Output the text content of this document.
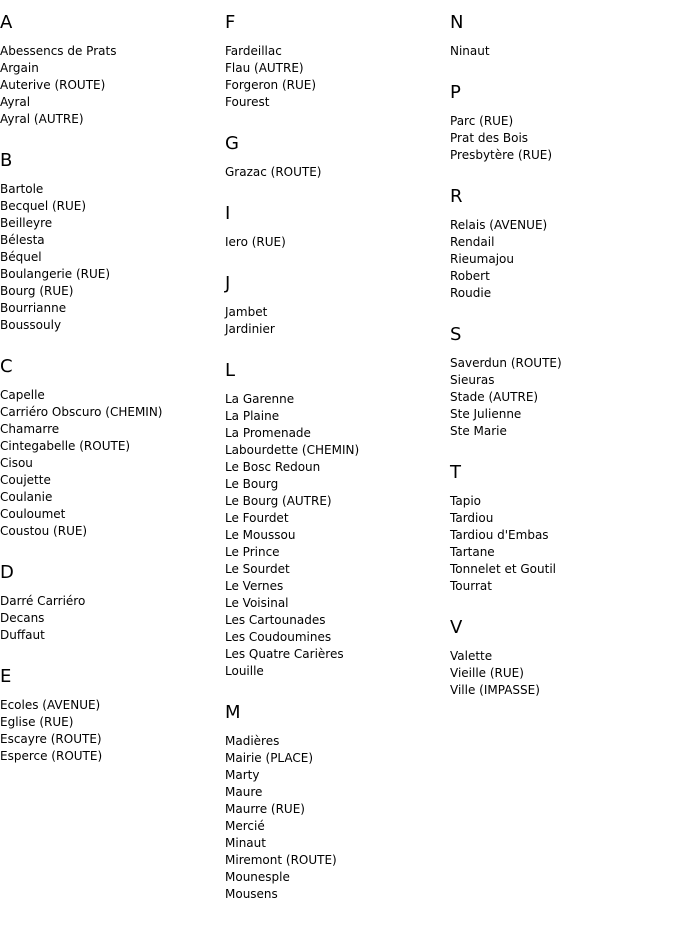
A
Abessencs de Prats
Argain
Auterive (ROUTE)
Ayral
Ayral (AUTRE)
B
Bartole
Becquel (RUE)
Beilleyre
Bélesta
Béquel
Boulangerie (RUE)
Bourg (RUE)
Bourrianne
Boussouly
C
Capelle
Carriéro Obscuro (CHEMIN)
Chamarre
Cintegabelle (ROUTE)
Cisou
Coujette
Coulanie
Couloumet
Coustou (RUE)
D
Darré Carriéro
Decans
Duffaut
E
Ecoles (AVENUE)
Eglise (RUE)
Escayre (ROUTE)
Esperce (ROUTE)
F
Fardeillac
Flau (AUTRE)
Forgeron (RUE)
Fourest
G
Grazac (ROUTE)
I
Iero (RUE)
J
Jambet
Jardinier
L
La Garenne
La Plaine
La Promenade
Labourdette (CHEMIN)
Le Bosc Redoun
Le Bourg
Le Bourg (AUTRE)
Le Fourdet
Le Moussou
Le Prince
Le Sourdet
Le Vernes
Le Voisinal
Les Cartounades
Les Coudoumines
Les Quatre Carières
Louille
M
Madières
Mairie (PLACE)
Marty
Maure
Maurre (RUE)
Mercié
Minaut
Miremont (ROUTE)
Mounesple
Mousens
N
Ninaut
P
Parc (RUE)
Prat des Bois
Presbytère (RUE)
R
Relais (AVENUE)
Rendail
Rieumajou
Robert
Roudie
S
Saverdun (ROUTE)
Sieuras
Stade (AUTRE)
Ste Julienne
Ste Marie
T
Tapio
Tardiou
Tardiou d'Embas
Tartane
Tonnelet et Goutil
Tourrat
V
Valette
Vieille (RUE)
Ville (IMPASSE)
